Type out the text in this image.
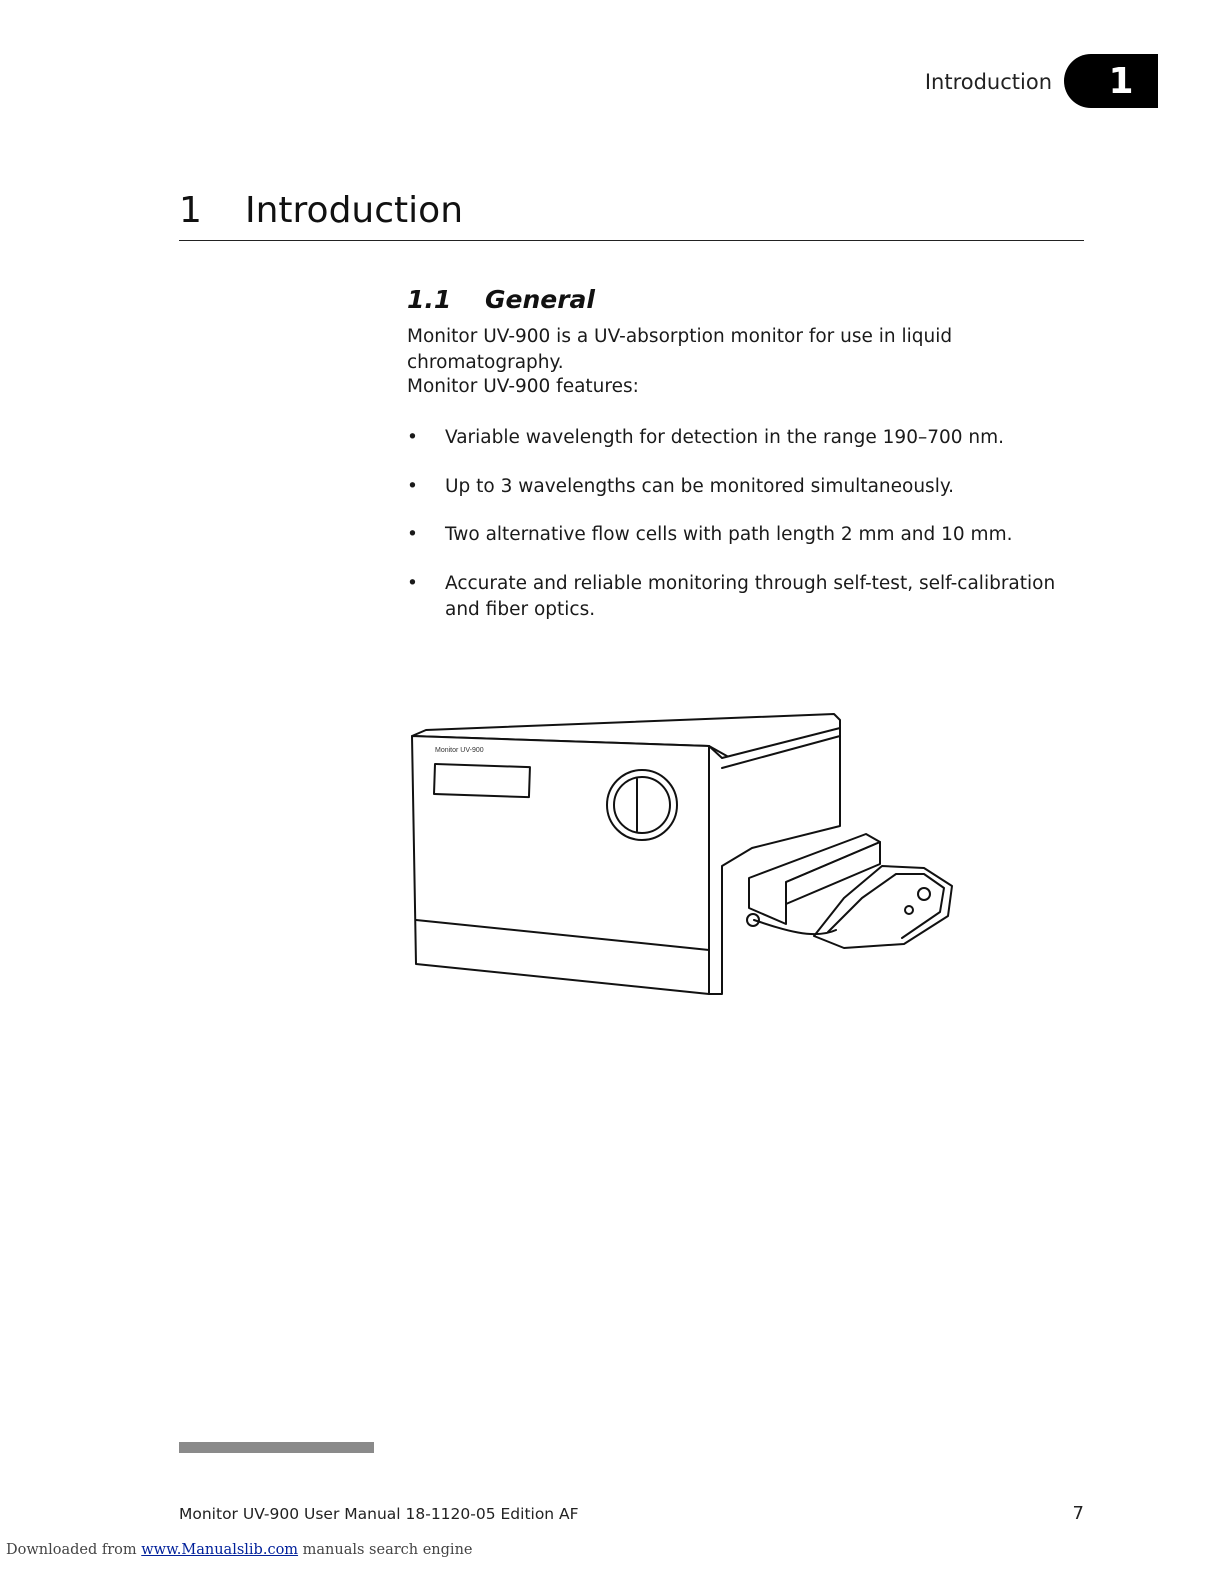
Introduction	1
1 Introduction
1.1 General
Monitor UV-900 is a UV-absorption monitor for use in liquid chromatography.
Monitor UV-900 features:
• Variable wavelength for detection in the range 190–700 nm.
• Up to 3 wavelengths can be monitored simultaneously.
• Two alternative flow cells with path length 2 mm and 10 mm.
• Accurate and reliable monitoring through self-test, self-calibration and fiber optics.
Monitor UV-900
Monitor UV-900 User Manual 18-1120-05 Edition AF	7
Downloaded from www.Manualslib.com manuals search engine
